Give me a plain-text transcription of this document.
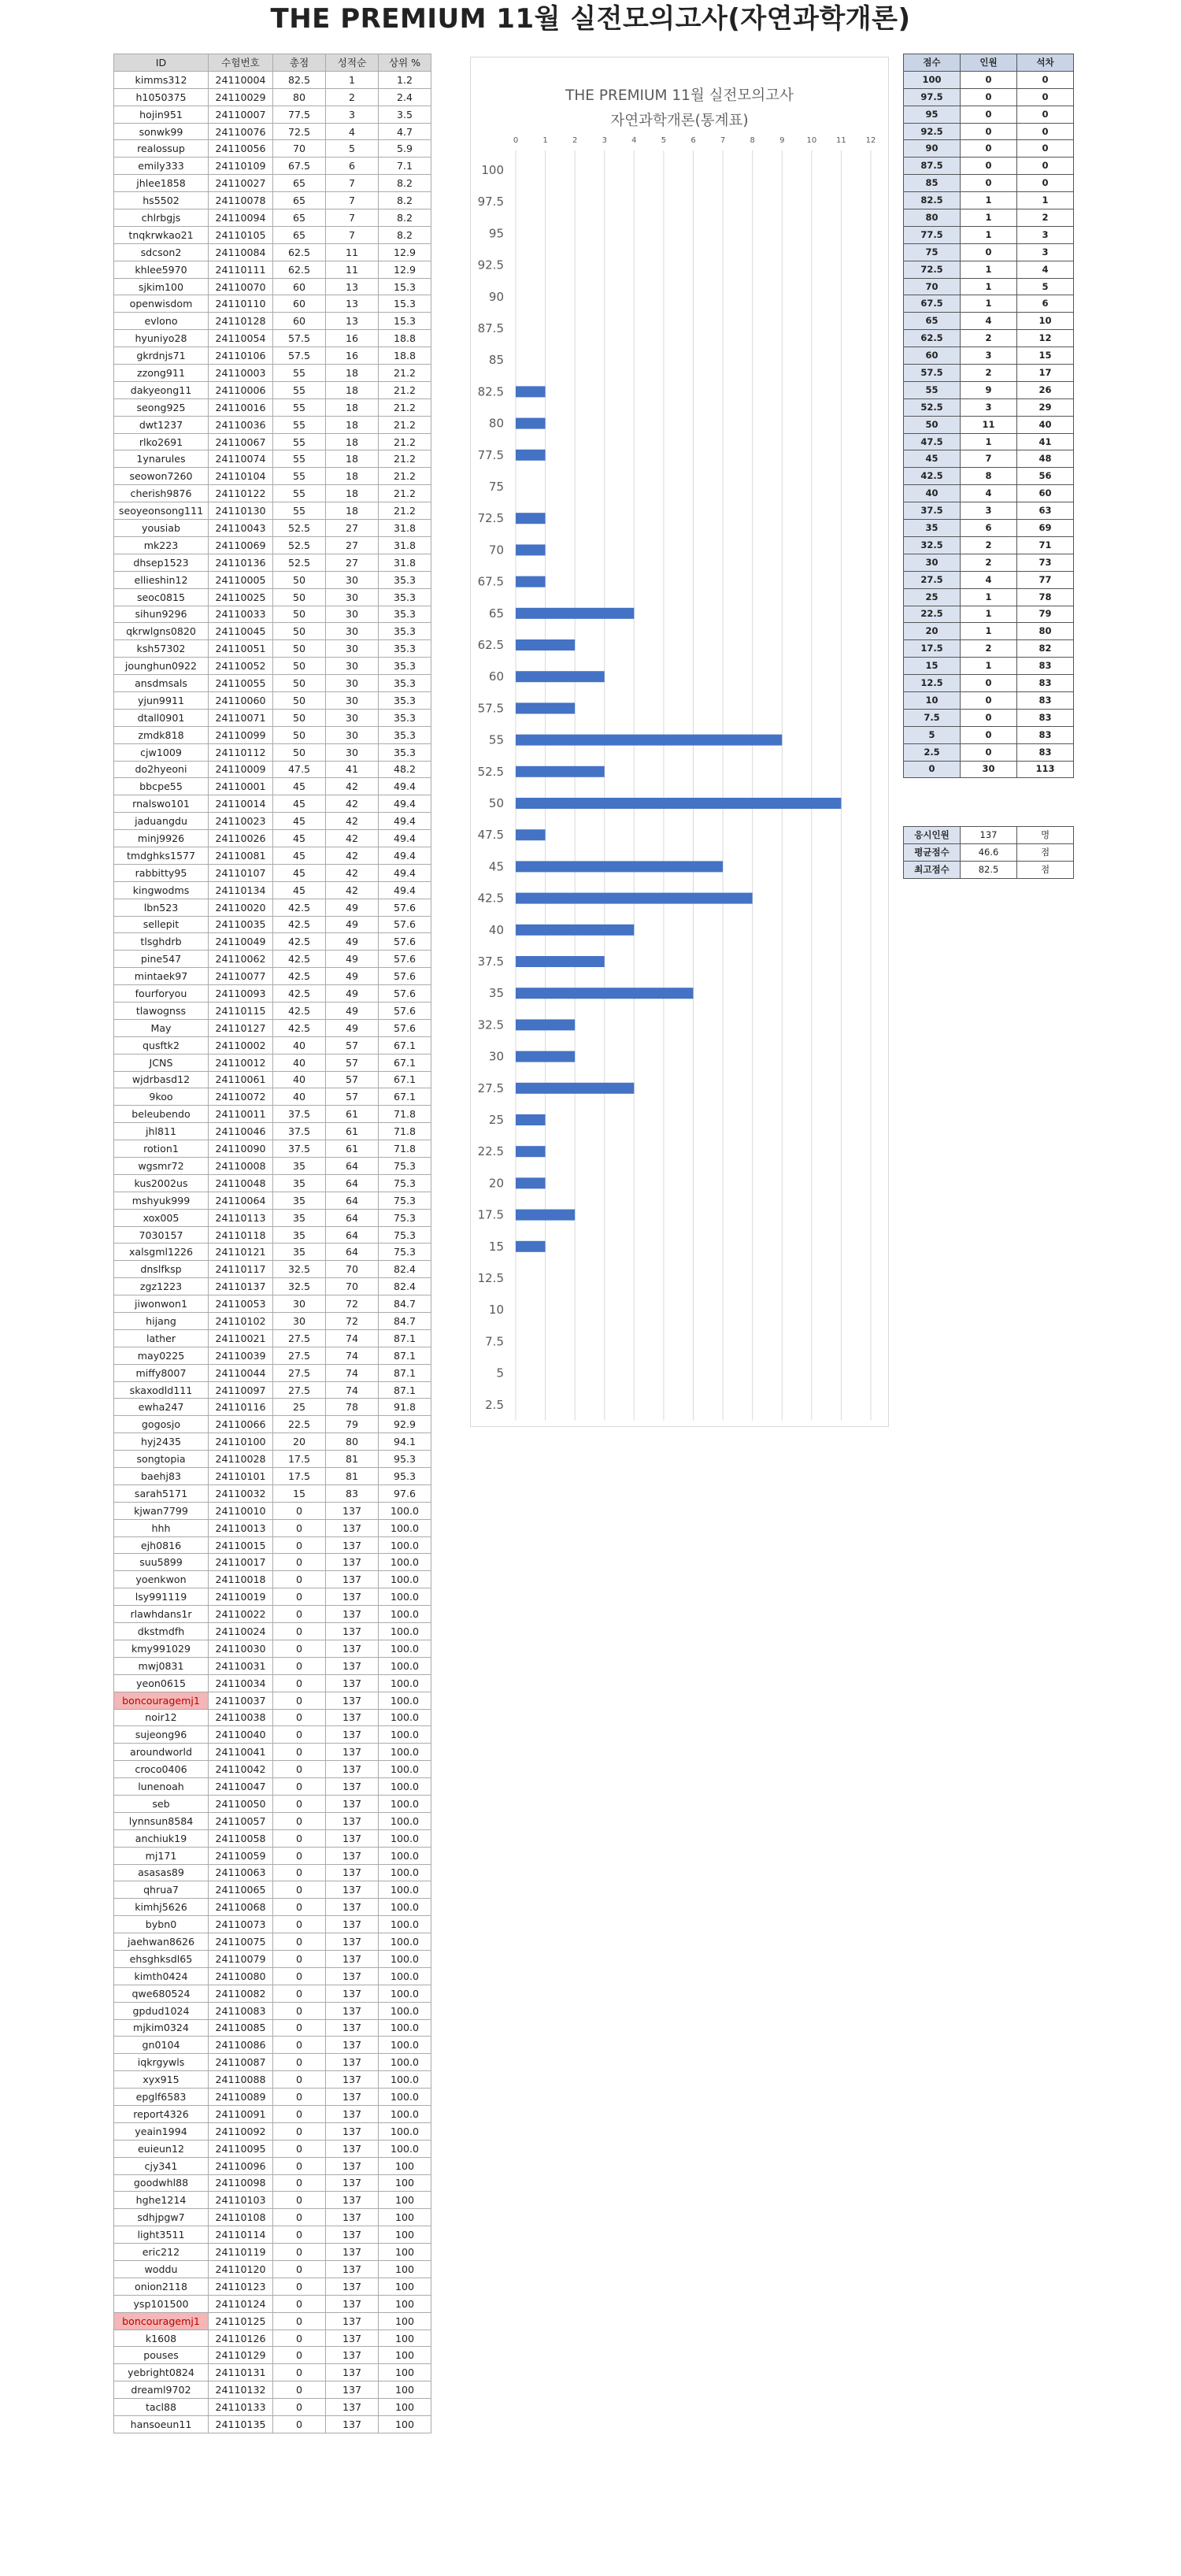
THE PREMIUM 11월 실전모의고사(자연과학개론)
ID	수험번호	총점	성적순	상위 %
kimms312	24110004	82.5	1	1.2
h1050375	24110029	80	2	2.4
hojin951	24110007	77.5	3	3.5
sonwk99	24110076	72.5	4	4.7
realossup	24110056	70	5	5.9
emily333	24110109	67.5	6	7.1
jhlee1858	24110027	65	7	8.2
hs5502	24110078	65	7	8.2
chlrbgjs	24110094	65	7	8.2
tnqkrwkao21	24110105	65	7	8.2
sdcson2	24110084	62.5	11	12.9
khlee5970	24110111	62.5	11	12.9
sjkim100	24110070	60	13	15.3
openwisdom	24110110	60	13	15.3
evlono	24110128	60	13	15.3
hyuniyo28	24110054	57.5	16	18.8
gkrdnjs71	24110106	57.5	16	18.8
zzong911	24110003	55	18	21.2
dakyeong11	24110006	55	18	21.2
seong925	24110016	55	18	21.2
dwt1237	24110036	55	18	21.2
rlko2691	24110067	55	18	21.2
1ynarules	24110074	55	18	21.2
seowon7260	24110104	55	18	21.2
cherish9876	24110122	55	18	21.2
seoyeonsong111	24110130	55	18	21.2
yousiab	24110043	52.5	27	31.8
mk223	24110069	52.5	27	31.8
dhsep1523	24110136	52.5	27	31.8
ellieshin12	24110005	50	30	35.3
seoc0815	24110025	50	30	35.3
sihun9296	24110033	50	30	35.3
qkrwlgns0820	24110045	50	30	35.3
ksh57302	24110051	50	30	35.3
jounghun0922	24110052	50	30	35.3
ansdmsals	24110055	50	30	35.3
yjun9911	24110060	50	30	35.3
dtall0901	24110071	50	30	35.3
zmdk818	24110099	50	30	35.3
cjw1009	24110112	50	30	35.3
do2hyeoni	24110009	47.5	41	48.2
bbcpe55	24110001	45	42	49.4
rnalswo101	24110014	45	42	49.4
jaduangdu	24110023	45	42	49.4
minj9926	24110026	45	42	49.4
tmdghks1577	24110081	45	42	49.4
rabbitty95	24110107	45	42	49.4
kingwodms	24110134	45	42	49.4
lbn523	24110020	42.5	49	57.6
sellepit	24110035	42.5	49	57.6
tlsghdrb	24110049	42.5	49	57.6
pine547	24110062	42.5	49	57.6
mintaek97	24110077	42.5	49	57.6
fourforyou	24110093	42.5	49	57.6
tlawognss	24110115	42.5	49	57.6
May	24110127	42.5	49	57.6
qusftk2	24110002	40	57	67.1
JCNS	24110012	40	57	67.1
wjdrbasd12	24110061	40	57	67.1
9koo	24110072	40	57	67.1
beleubendo	24110011	37.5	61	71.8
jhl811	24110046	37.5	61	71.8
rotion1	24110090	37.5	61	71.8
wgsmr72	24110008	35	64	75.3
kus2002us	24110048	35	64	75.3
mshyuk999	24110064	35	64	75.3
xox005	24110113	35	64	75.3
7030157	24110118	35	64	75.3
xalsgml1226	24110121	35	64	75.3
dnslfksp	24110117	32.5	70	82.4
zgz1223	24110137	32.5	70	82.4
jiwonwon1	24110053	30	72	84.7
hijang	24110102	30	72	84.7
lather	24110021	27.5	74	87.1
may0225	24110039	27.5	74	87.1
miffy8007	24110044	27.5	74	87.1
skaxodld111	24110097	27.5	74	87.1
ewha247	24110116	25	78	91.8
gogosjo	24110066	22.5	79	92.9
hyj2435	24110100	20	80	94.1
songtopia	24110028	17.5	81	95.3
baehj83	24110101	17.5	81	95.3
sarah5171	24110032	15	83	97.6
kjwan7799	24110010	0	137	100.0
hhh	24110013	0	137	100.0
ejh0816	24110015	0	137	100.0
suu5899	24110017	0	137	100.0
yoenkwon	24110018	0	137	100.0
lsy991119	24110019	0	137	100.0
rlawhdans1r	24110022	0	137	100.0
dkstmdfh	24110024	0	137	100.0
kmy991029	24110030	0	137	100.0
mwj0831	24110031	0	137	100.0
yeon0615	24110034	0	137	100.0
boncouragemj1	24110037	0	137	100.0
noir12	24110038	0	137	100.0
sujeong96	24110040	0	137	100.0
aroundworld	24110041	0	137	100.0
croco0406	24110042	0	137	100.0
lunenoah	24110047	0	137	100.0
seb	24110050	0	137	100.0
lynnsun8584	24110057	0	137	100.0
anchiuk19	24110058	0	137	100.0
mj171	24110059	0	137	100.0
asasas89	24110063	0	137	100.0
qhrua7	24110065	0	137	100.0
kimhj5626	24110068	0	137	100.0
bybn0	24110073	0	137	100.0
jaehwan8626	24110075	0	137	100.0
ehsghksdl65	24110079	0	137	100.0
kimth0424	24110080	0	137	100.0
qwe680524	24110082	0	137	100.0
gpdud1024	24110083	0	137	100.0
mjkim0324	24110085	0	137	100.0
gn0104	24110086	0	137	100.0
iqkrgywls	24110087	0	137	100.0
xyx915	24110088	0	137	100.0
epglf6583	24110089	0	137	100.0
report4326	24110091	0	137	100.0
yeain1994	24110092	0	137	100.0
euieun12	24110095	0	137	100.0
cjy341	24110096	0	137	100
goodwhl88	24110098	0	137	100
hghe1214	24110103	0	137	100
sdhjpgw7	24110108	0	137	100
light3511	24110114	0	137	100
eric212	24110119	0	137	100
woddu	24110120	0	137	100
onion2118	24110123	0	137	100
ysp101500	24110124	0	137	100
boncouragemj1	24110125	0	137	100
k1608	24110126	0	137	100
pouses	24110129	0	137	100
yebright0824	24110131	0	137	100
dreaml9702	24110132	0	137	100
tacl88	24110133	0	137	100
hansoeun11	24110135	0	137	100
THE PREMIUM 11월 실전모의고사
자연과학개론(통계표)
0	1	2	3	4	5	6	7	8	9	10 11 12
100
97.5
95
92.5
90
87.5
85
82.5
80
77.5
75
72.5
70
67.5
65
62.5
60
57.5
55
52.5
50
47.5
45
42.5
40
37.5
35
32.5
30
27.5
25
22.5
20
17.5
15
12.5
10
7.5
5
2.5
점수	인원	석차
100	0	0
97.5	0	0
95	0	0
92.5	0	0
90	0	0
87.5	0	0
85	0	0
82.5	1	1
80	1	2
77.5	1	3
75	0	3
72.5	1	4
70	1	5
67.5	1	6
65	4	10
62.5	2	12
60	3	15
57.5	2	17
55	9	26
52.5	3	29
50	11	40
47.5	1	41
45	7	48
42.5	8	56
40	4	60
37.5	3	63
35	6	69
32.5	2	71
30	2	73
27.5	4	77
25	1	78
22.5	1	79
20	1	80
17.5	2	82
15	1	83
12.5	0	83
10	0	83
7.5	0	83
5	0	83
2.5	0	83
0	30	113
응시인원	137	명
평균점수	46.6	점
최고점수	82.5	점
